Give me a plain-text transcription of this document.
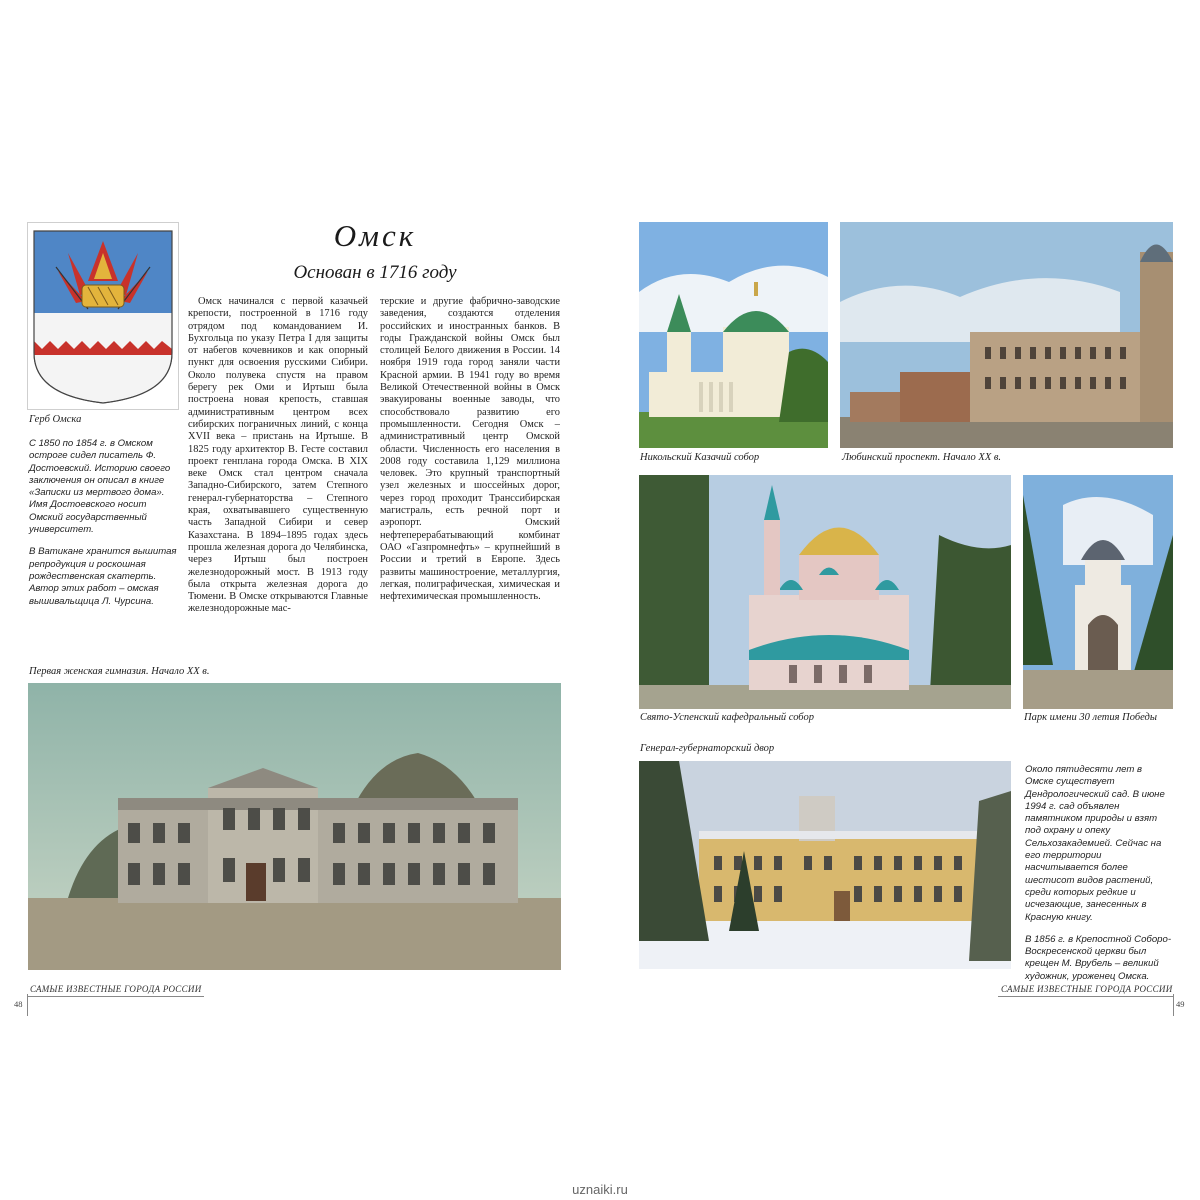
Герб Омска

С 1850 по 1854 г. в Омском остроге сидел писатель Ф. Достоевский. Историю своего заключения он описал в книге «Записки из мертвого дома». Имя Достоевского носит Омский государственный университет.

В Ватикане хранится вышитая репродукция и роскошная рождественская скатерть. Автор этих работ – омская вышивальщица Л. Чурсина.

Омск
Основан в 1716 году
Омск начинался с первой казачьей крепости, построенной в 1716 году отрядом под командованием И. Бухгольца по указу Петра I для защиты от набегов кочевников и как опорный пункт для освоения русскими Сибири. Около полувека спустя на правом берегу рек Оми и Иртыш была построена новая крепость, ставшая административным центром всех сибирских пограничных линий, с конца XVII века – пристань на Иртыше. В 1825 году архитектор В. Гесте составил проект генплана города Омска. В XIX веке Омск стал центром сначала Западно-Сибирского, затем Степного генерал-губернаторства – Степного края, охватывавшего существенную часть Западной Сибири и север Казахстана. В 1894–1895 годах здесь прошла железная дорога до Челябинска, через Иртыш был построен железнодорожный мост. В 1913 году была открыта железная дорога до Тюмени. В Омске открываются Главные железнодорожные мас-
терские и другие фабрично-заводские заведения, создаются отделения российских и иностранных банков. В годы Гражданской войны Омск был столицей Белого движения в России. 14 ноября 1919 года город заняли части Красной армии. В 1941 году во время Великой Отечественной войны в Омск эвакуированы военные заводы, что способствовало развитию его промышленности. Сегодня Омск – административный центр Омской области. Численность его населения в 2008 году составила 1,129 миллиона человек. Это крупный транспортный узел железных и шоссейных дорог, через город проходит Транссибирская магистраль, есть речной порт и аэропорт. Омский нефтеперерабатывающий комбинат ОАО «Газпромнефть» – крупнейший в России и третий в Европе. Здесь развиты машиностроение, металлургия, легкая, полиграфическая, химическая и нефтехимическая промышленность.
Первая женская гимназия. Начало XX в.
САМЫЕ ИЗВЕСТНЫЕ ГОРОДА РОССИИ
48
Никольский Казачий собор	Любинский проспект. Начало XX в.
Свято-Успенский кафедральный собор	Парк имени 30 летия Победы
Генерал-губернаторский двор

Около пятидесяти лет в Омске существует Дендрологический сад. В июне 1994 г. сад объявлен памятником природы и взят под охрану и опеку Сельхозакадемией. Сейчас на его территории насчитывается более шестисот видов растений, среди которых редкие и исчезающие, занесенных в Красную книгу.

В 1856 г. в Крепостной Соборо-Воскресенской церкви был крещен М. Врубель – великий художник, уроженец Омска.

САМЫЕ ИЗВЕСТНЫЕ ГОРОДА РОССИИ
49
uznaiki.ru
